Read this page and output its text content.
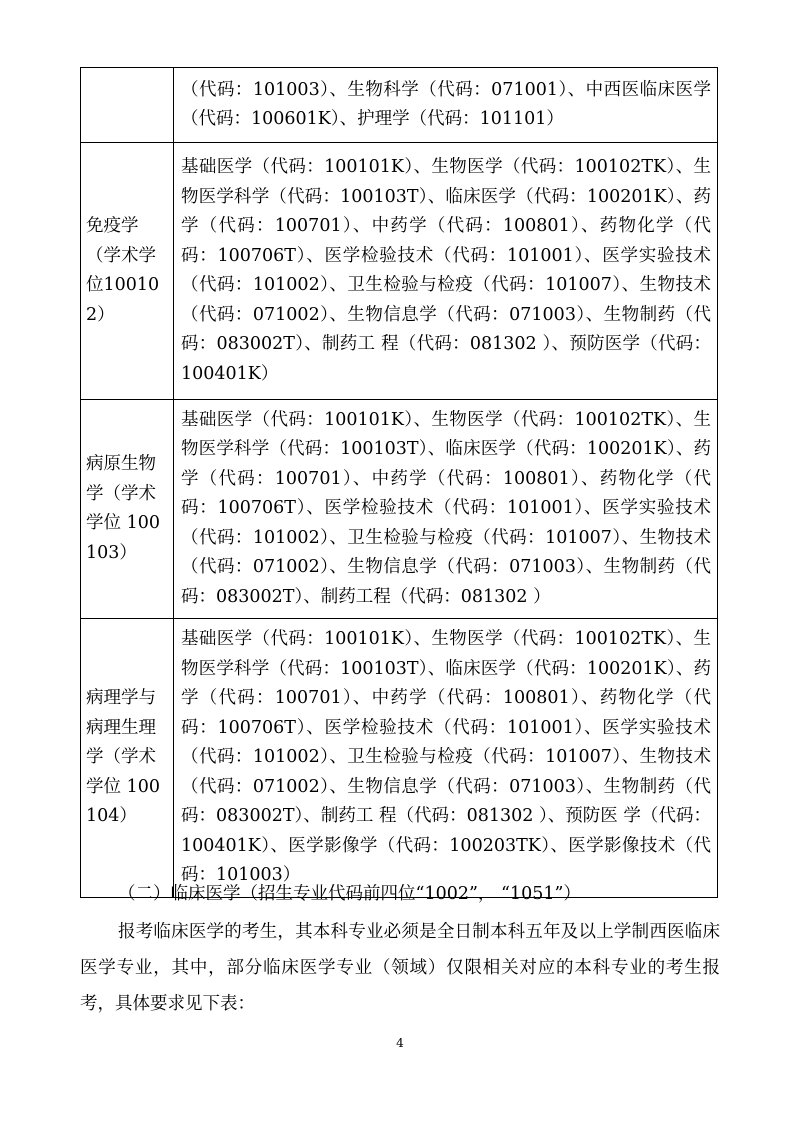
	（代码：101003）、生物科学（代码：071001）、中西医临床医学（代码：100601K）、护理学（代码：101101）
免疫学（学术学位100102）	基础医学（代码：100101K）、生物医学（代码：100102TK）、生物医学科学（代码：100103T）、临床医学（代码：100201K）、药学（代码：100701）、中药学（代码：100801）、药物化学（代码：100706T）、医学检验技术（代码：101001）、医学实验技术（代码：101002）、卫生检验与检疫（代码：101007）、生物技术（代码：071002）、生物信息学（代码：071003）、生物制药（代码：083002T）、制药工 程（代码：081302 ）、预防医学（代码：100401K）
病原生物学（学术学位 100103）	基础医学（代码：100101K）、生物医学（代码：100102TK）、生物医学科学（代码：100103T）、临床医学（代码：100201K）、药学（代码：100701）、中药学（代码：100801）、药物化学（代码：100706T）、医学检验技术（代码：101001）、医学实验技术（代码：101002）、卫生检验与检疫（代码：101007）、生物技术（代码：071002）、生物信息学（代码：071003）、生物制药（代码：083002T）、制药工程（代码：081302 ）
病理学与病理生理学（学术学位 100104）	基础医学（代码：100101K）、生物医学（代码：100102TK）、生物医学科学（代码：100103T）、临床医学（代码：100201K）、药学（代码：100701）、中药学（代码：100801）、药物化学（代码：100706T）、医学检验技术（代码：101001）、医学实验技术（代码：101002）、卫生检验与检疫（代码：101007）、生物技术（代码：071002）、生物信息学（代码：071003）、生物制药（代码：083002T）、制药工 程（代码：081302 ）、预防医 学（代码：100401K）、医学影像学（代码：100203TK）、医学影像技术（代码：101003）
（二）临床医学（招生专业代码前四位“1002”， “1051”）
报考临床医学的考生，其本科专业必须是全日制本科五年及以上学制西医临床医学专业，其中，部分临床医学专业（领域）仅限相关对应的本科专业的考生报考，具体要求见下表：
4
